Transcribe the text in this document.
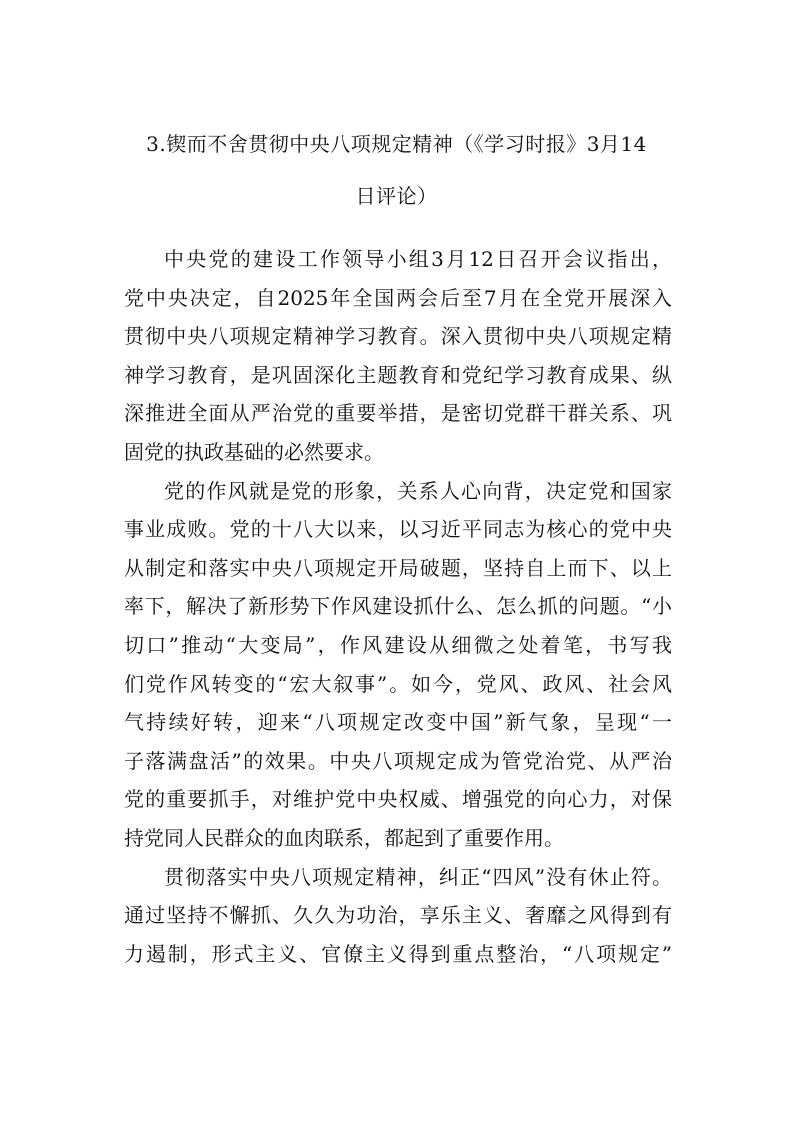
3.锲而不舍贯彻中央八项规定精神（《学习时报》3月14
日评论）
中央党的建设工作领导小组3月12日召开会议指出，
党中央决定，自2025年全国两会后至7月在全党开展深入
贯彻中央八项规定精神学习教育。深入贯彻中央八项规定精
神学习教育，是巩固深化主题教育和党纪学习教育成果、纵
深推进全面从严治党的重要举措，是密切党群干群关系、巩
固党的执政基础的必然要求。
党的作风就是党的形象，关系人心向背，决定党和国家
事业成败。党的十八大以来，以习近平同志为核心的党中央
从制定和落实中央八项规定开局破题，坚持自上而下、以上
率下，解决了新形势下作风建设抓什么、怎么抓的问题。“小
切口”推动“大变局”，作风建设从细微之处着笔，书写我
们党作风转变的“宏大叙事”。如今，党风、政风、社会风
气持续好转，迎来“八项规定改变中国”新气象，呈现“一
子落满盘活”的效果。中央八项规定成为管党治党、从严治
党的重要抓手，对维护党中央权威、增强党的向心力，对保
持党同人民群众的血肉联系，都起到了重要作用。
贯彻落实中央八项规定精神，纠正“四风”没有休止符。
通过坚持不懈抓、久久为功治，享乐主义、奢靡之风得到有
力遏制，形式主义、官僚主义得到重点整治，“八项规定”
